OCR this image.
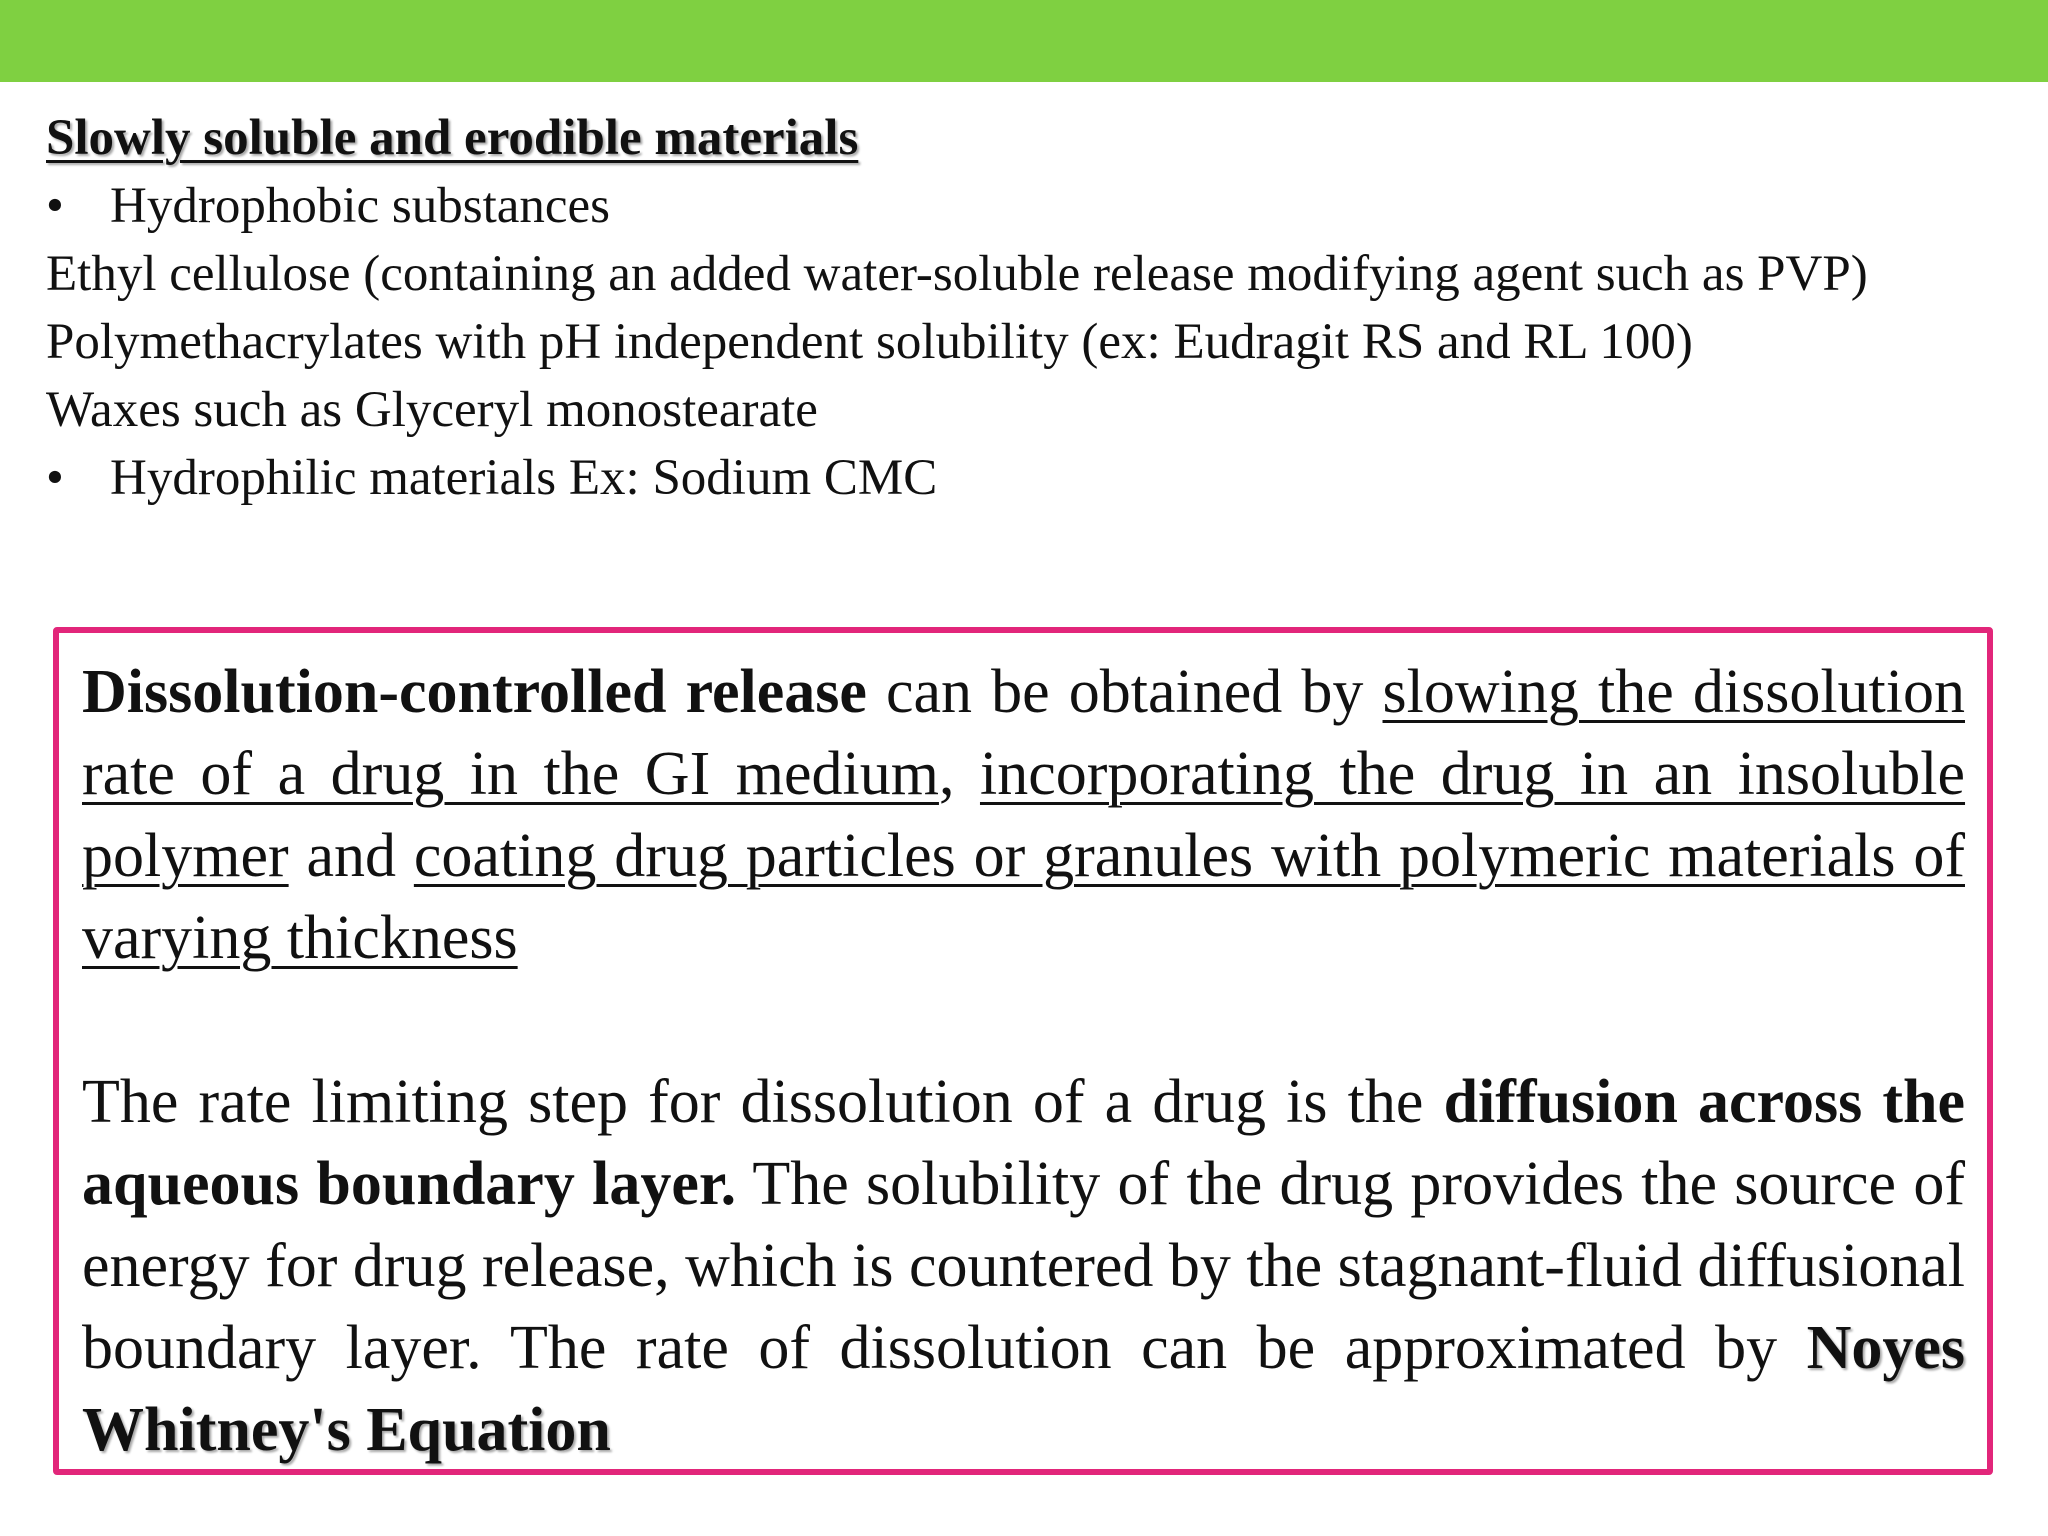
Slowly soluble and erodible materials
• Hydrophobic substances
Ethyl cellulose (containing an added water-soluble release modifying agent such as PVP)
Polymethacrylates with pH independent solubility (ex: Eudragit RS and RL 100)
Waxes such as Glyceryl monostearate
• Hydrophilic materials Ex: Sodium CMC

Dissolution-controlled release can be obtained by slowing the dissolution rate of a drug in the GI medium, incorporating the drug in an insoluble polymer and coating drug particles or granules with polymeric materials of varying thickness

The rate limiting step for dissolution of a drug is the diffusion across the aqueous boundary layer. The solubility of the drug provides the source of energy for drug release, which is countered by the stagnant-fluid diffusional boundary layer. The rate of dissolution can be approximated by Noyes Whitney's Equation
